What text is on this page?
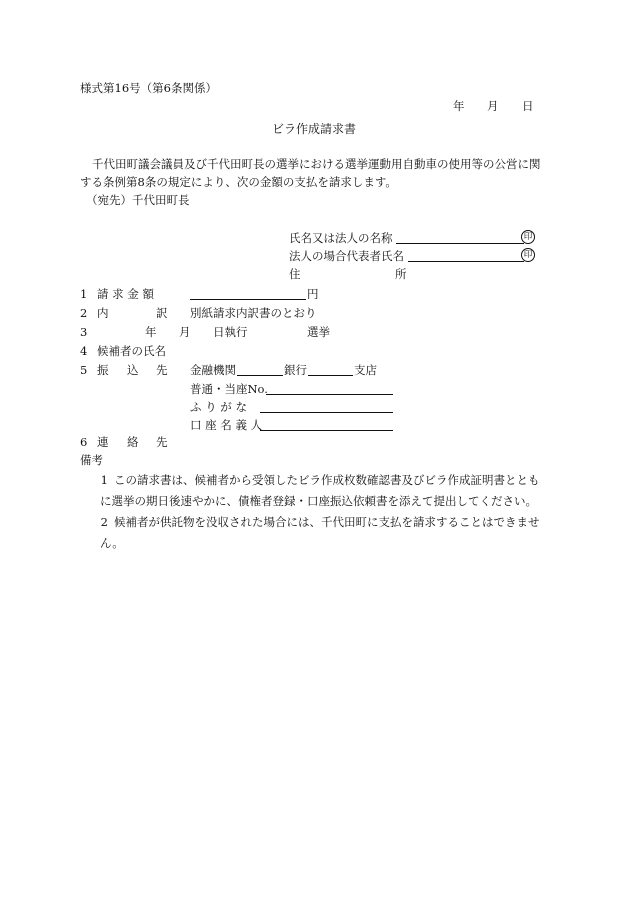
様式第16号（第6条関係）
年 月 日
ビラ作成請求書
千代田町議会議員及び千代田町長の選挙における選挙運動用自動車の使用等の公営に関
する条例第8条の規定により、次の金額の支払を請求します。
（宛先）千代田町長
氏名又は法人の名称	印
法人の場合代表者氏名	印
住	所
1 請 求 金 額	円
2 内	訳 別紙請求内訳書のとおり
3	年 月 日執行	選挙
4 候補者の氏名
5 振 込 先 金融機関	銀行	支店
普通・当座No.
ふ り が な
口 座 名 義 人
6 連 絡 先
備考
1 この請求書は、候補者から受領したビラ作成枚数確認書及びビラ作成証明書ととも
に選挙の期日後速やかに、債権者登録・口座振込依頼書を添えて提出してください。
2 候補者が供託物を没収された場合には、千代田町に支払を請求することはできませ
ん。
